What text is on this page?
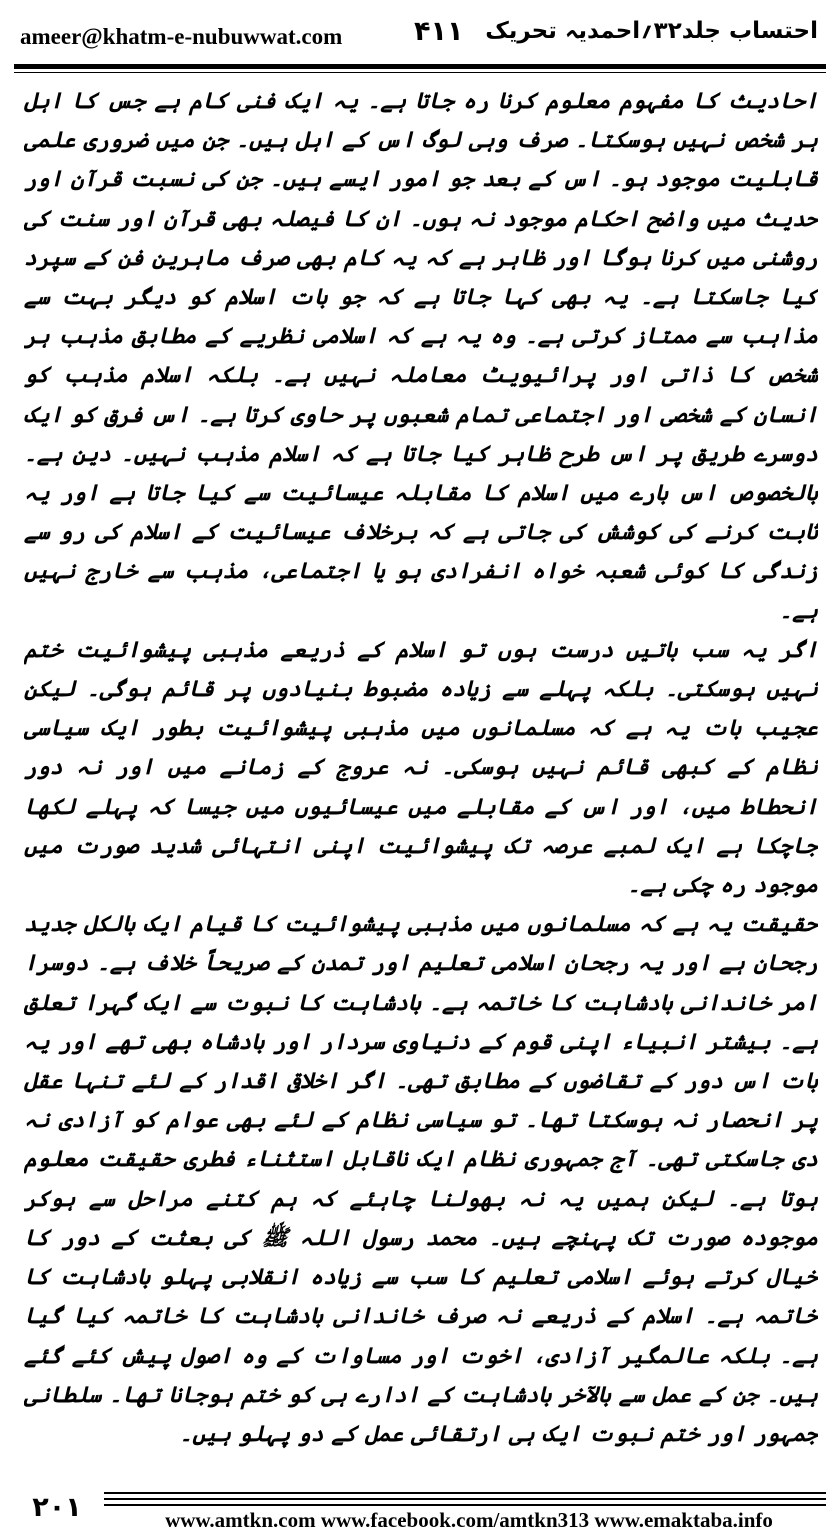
ameer@khatm-e-nubuwwat.com	۴۱۱ احتساب جلد۳۲؍احمدیہ تحریک

احادیث کا مفہوم معلوم کرنا رہ جاتا ہے۔ یہ ایک فنی کام ہے جس کا اہل ہر شخص نہیں ہوسکتا۔ صرف وہی لوگ اس کے اہل ہیں۔ جن میں ضروری علمی قابلیت موجود ہو۔ اس کے بعد جو امور ایسے ہیں۔ جن کی نسبت قرآن اور حدیث میں واضح احکام موجود نہ ہوں۔ ان کا فیصلہ بھی قرآن اور سنت کی روشنی میں کرنا ہوگا اور ظاہر ہے کہ یہ کام بھی صرف ماہرین فن کے سپرد کیا جاسکتا ہے۔ یہ بھی کہا جاتا ہے کہ جو بات اسلام کو دیگر بہت سے مذاہب سے ممتاز کرتی ہے۔ وہ یہ ہے کہ اسلامی نظریے کے مطابق مذہب ہر شخص کا ذاتی اور پرائیویٹ معاملہ نہیں ہے۔ بلکہ اسلام مذہب کو انسان کے شخصی اور اجتماعی تمام شعبوں پر حاوی کرتا ہے۔ اس فرق کو ایک دوسرے طریق پر اس طرح ظاہر کیا جاتا ہے کہ اسلام مذہب نہیں۔ دین ہے۔ بالخصوص اس بارے میں اسلام کا مقابلہ عیسائیت سے کیا جاتا ہے اور یہ ثابت کرنے کی کوشش کی جاتی ہے کہ برخلاف عیسائیت کے اسلام کی رو سے زندگی کا کوئی شعبہ خواہ انفرادی ہو یا اجتماعی، مذہب سے خارج نہیں ہے۔

اگر یہ سب باتیں درست ہوں تو اسلام کے ذریعے مذہبی پیشوائیت ختم نہیں ہوسکتی۔ بلکہ پہلے سے زیادہ مضبوط بنیادوں پر قائم ہوگی۔ لیکن عجیب بات یہ ہے کہ مسلمانوں میں مذہبی پیشوائیت بطور ایک سیاسی نظام کے کبھی قائم نہیں ہوسکی۔ نہ عروج کے زمانے میں اور نہ دور انحطاط میں، اور اس کے مقابلے میں عیسائیوں میں جیسا کہ پہلے لکھا جاچکا ہے ایک لمبے عرصہ تک پیشوائیت اپنی انتہائی شدید صورت میں موجود رہ چکی ہے۔

حقیقت یہ ہے کہ مسلمانوں میں مذہبی پیشوائیت کا قیام ایک بالکل جدید رجحان ہے اور یہ رجحان اسلامی تعلیم اور تمدن کے صریحاً خلاف ہے۔ دوسرا امر خاندانی بادشاہت کا خاتمہ ہے۔ بادشاہت کا نبوت سے ایک گہرا تعلق ہے۔ بیشتر انبیاء اپنی قوم کے دنیاوی سردار اور بادشاہ بھی تھے اور یہ بات اس دور کے تقاضوں کے مطابق تھی۔ اگر اخلاقی اقدار کے لئے تنہا عقل پر انحصار نہ ہوسکتا تھا۔ تو سیاسی نظام کے لئے بھی عوام کو آزادی نہ دی جاسکتی تھی۔ آج جمہوری نظام ایک ناقابل استثناء فطری حقیقت معلوم ہوتا ہے۔ لیکن ہمیں یہ نہ بھولنا چاہئے کہ ہم کتنے مراحل سے ہوکر موجودہ صورت تک پہنچے ہیں۔ محمد رسول اللہ ﷺ کی بعثت کے دور کا خیال کرتے ہوئے اسلامی تعلیم کا سب سے زیادہ انقلابی پہلو بادشاہت کا خاتمہ ہے۔ اسلام کے ذریعے نہ صرف خاندانی بادشاہت کا خاتمہ کیا گیا ہے۔ بلکہ عالمگیر آزادی، اخوت اور مساوات کے وہ اصول پیش کئے گئے ہیں۔ جن کے عمل سے بالآخر بادشاہت کے ادارے ہی کو ختم ہوجانا تھا۔ سلطانی جمہور اور ختم نبوت ایک ہی ارتقائی عمل کے دو پہلو ہیں۔

۲۰۱	www.amtkn.com www.facebook.com/amtkn313 www.emaktaba.info
